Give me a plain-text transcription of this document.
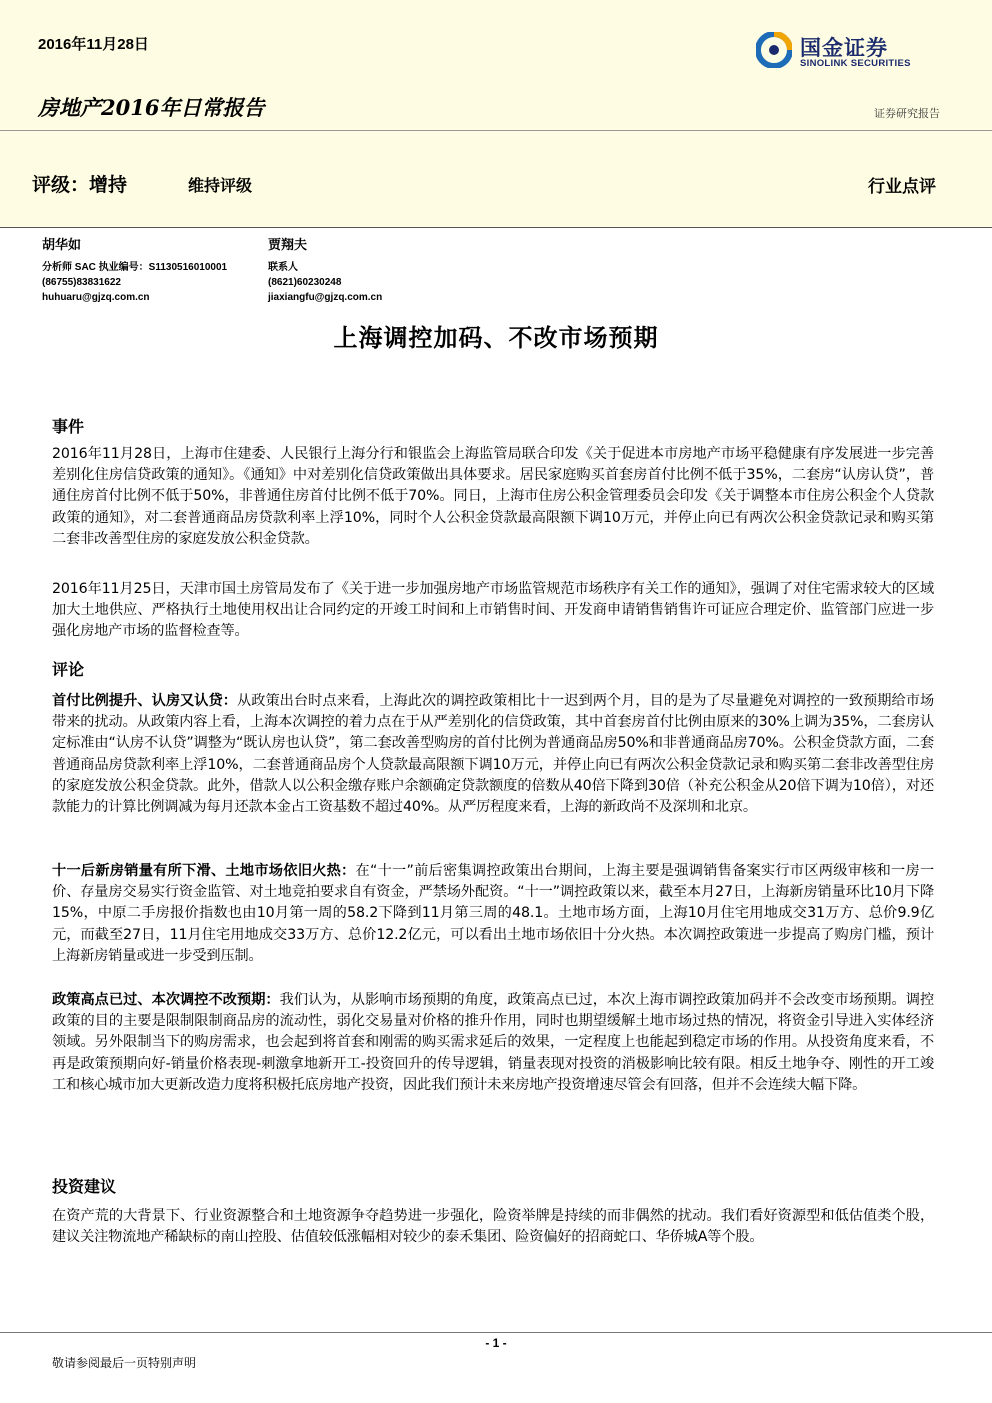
2016年11月28日	国金证券
SINOLINK SECURITIES
房地产2016年日常报告	证券研究报告
评级：增持	维持评级	行业点评
胡华如
分析师 SAC 执业编号：S1130516010001
(86755)83831622
huhuaru@gjzq.com.cn
贾翔夫
联系人
(8621)60230248
jiaxiangfu@gjzq.com.cn
上海调控加码、不改市场预期
事件
2016年11月28日，上海市住建委、人民银行上海分行和银监会上海监管局联合印发《关于促进本市房地产市场平稳健康有序发展进一步完善差别化住房信贷政策的通知》。《通知》中对差别化信贷政策做出具体要求。居民家庭购买首套房首付比例不低于35%，二套房“认房认贷”，普通住房首付比例不低于50%，非普通住房首付比例不低于70%。同日，上海市住房公积金管理委员会印发《关于调整本市住房公积金个人贷款政策的通知》，对二套普通商品房贷款利率上浮10%，同时个人公积金贷款最高限额下调10万元，并停止向已有两次公积金贷款记录和购买第二套非改善型住房的家庭发放公积金贷款。
2016年11月25日，天津市国土房管局发布了《关于进一步加强房地产市场监管规范市场秩序有关工作的通知》，强调了对住宅需求较大的区域加大土地供应、严格执行土地使用权出让合同约定的开竣工时间和上市销售时间、开发商申请销售销售许可证应合理定价、监管部门应进一步强化房地产市场的监督检查等。
评论
首付比例提升、认房又认贷：从政策出台时点来看，上海此次的调控政策相比十一迟到两个月，目的是为了尽量避免对调控的一致预期给市场带来的扰动。从政策内容上看，上海本次调控的着力点在于从严差别化的信贷政策，其中首套房首付比例由原来的30%上调为35%，二套房认定标准由“认房不认贷”调整为“既认房也认贷”，第二套改善型购房的首付比例为普通商品房50%和非普通商品房70%。公积金贷款方面，二套普通商品房贷款利率上浮10%，二套普通商品房个人贷款最高限额下调10万元，并停止向已有两次公积金贷款记录和购买第二套非改善型住房的家庭发放公积金贷款。此外，借款人以公积金缴存账户余额确定贷款额度的倍数从40倍下降到30倍（补充公积金从20倍下调为10倍），对还款能力的计算比例调减为每月还款本金占工资基数不超过40%。从严厉程度来看，上海的新政尚不及深圳和北京。
十一后新房销量有所下滑、土地市场依旧火热：在“十一”前后密集调控政策出台期间，上海主要是强调销售备案实行市区两级审核和一房一价、存量房交易实行资金监管、对土地竞拍要求自有资金，严禁场外配资。“十一”调控政策以来，截至本月27日，上海新房销量环比10月下降15%，中原二手房报价指数也由10月第一周的58.2下降到11月第三周的48.1。土地市场方面，上海10月住宅用地成交31万方、总价9.9亿元，而截至27日，11月住宅用地成交33万方、总价12.2亿元，可以看出土地市场依旧十分火热。本次调控政策进一步提高了购房门槛，预计上海新房销量或进一步受到压制。
政策高点已过、本次调控不改预期：我们认为，从影响市场预期的角度，政策高点已过，本次上海市调控政策加码并不会改变市场预期。调控政策的目的主要是限制限制商品房的流动性，弱化交易量对价格的推升作用，同时也期望缓解土地市场过热的情况，将资金引导进入实体经济领域。另外限制当下的购房需求，也会起到将首套和刚需的购买需求延后的效果，一定程度上也能起到稳定市场的作用。从投资角度来看，不再是政策预期向好-销量价格表现-刺激拿地新开工-投资回升的传导逻辑，销量表现对投资的消极影响比较有限。相反土地争夺、刚性的开工竣工和核心城市加大更新改造力度将积极托底房地产投资，因此我们预计未来房地产投资增速尽管会有回落，但并不会连续大幅下降。
投资建议
在资产荒的大背景下、行业资源整合和土地资源争夺趋势进一步强化，险资举牌是持续的而非偶然的扰动。我们看好资源型和低估值类个股，建议关注物流地产稀缺标的南山控股、估值较低涨幅相对较少的泰禾集团、险资偏好的招商蛇口、华侨城A等个股。
- 1 -
敬请参阅最后一页特别声明
